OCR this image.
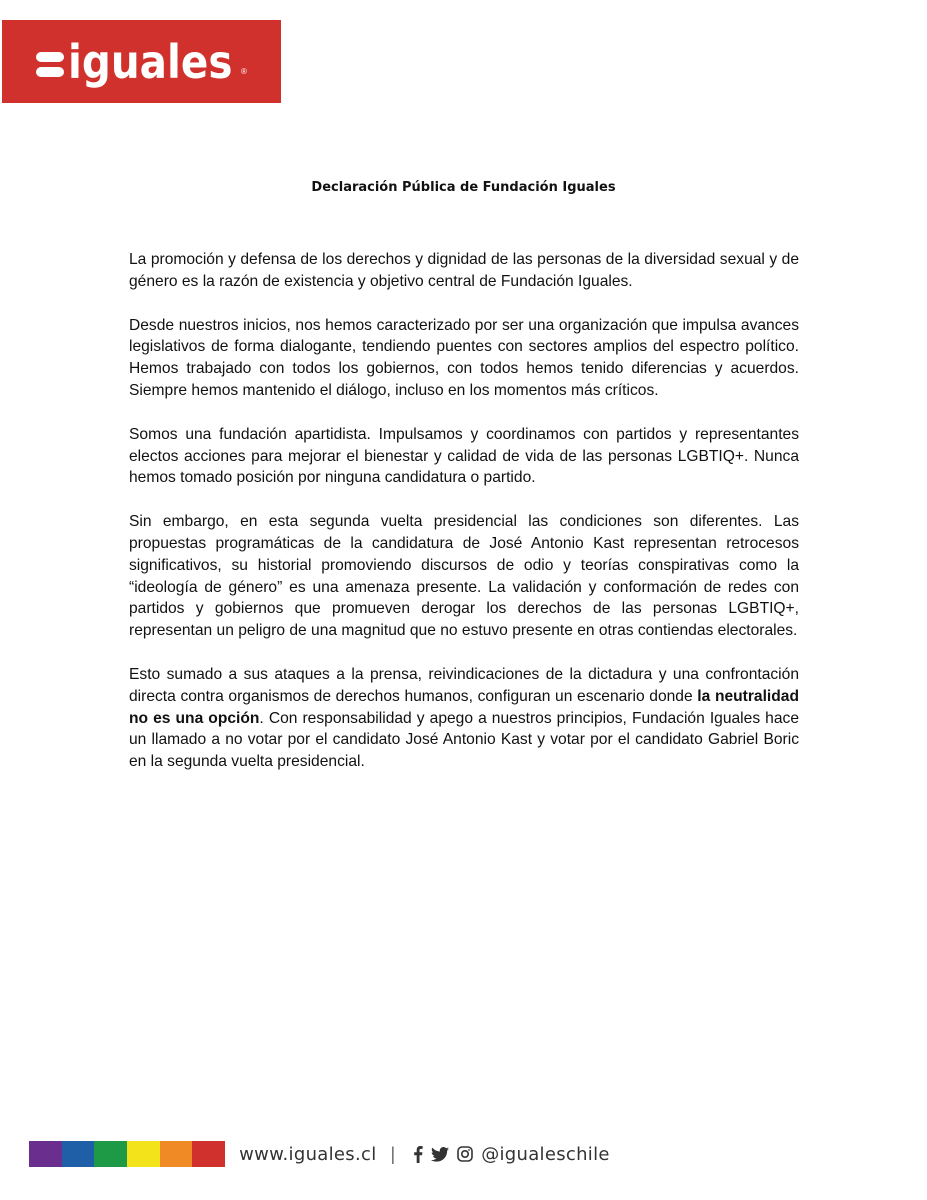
iguales ®
Declaración Pública de Fundación Iguales

La promoción y defensa de los derechos y dignidad de las personas de la diversidad sexual y de género es la razón de existencia y objetivo central de Fundación Iguales.

Desde nuestros inicios, nos hemos caracterizado por ser una organización que impulsa avances legislativos de forma dialogante, tendiendo puentes con sectores amplios del espectro político. Hemos trabajado con todos los gobiernos, con todos hemos tenido diferencias y acuerdos. Siempre hemos mantenido el diálogo, incluso en los momentos más críticos.

Somos una fundación apartidista. Impulsamos y coordinamos con partidos y representantes electos acciones para mejorar el bienestar y calidad de vida de las personas LGBTIQ+. Nunca hemos tomado posición por ninguna candidatura o partido.

Sin embargo, en esta segunda vuelta presidencial las condiciones son diferentes. Las propuestas programáticas de la candidatura de José Antonio Kast representan retrocesos significativos, su historial promoviendo discursos de odio y teorías conspirativas como la “ideología de género” es una amenaza presente. La validación y conformación de redes con partidos y gobiernos que promueven derogar los derechos de las personas LGBTIQ+, representan un peligro de una magnitud que no estuvo presente en otras contiendas electorales.

Esto sumado a sus ataques a la prensa, reivindicaciones de la dictadura y una confrontación directa contra organismos de derechos humanos, configuran un escenario donde la neutralidad no es una opción. Con responsabilidad y apego a nuestros principios, Fundación Iguales hace un llamado a no votar por el candidato José Antonio Kast y votar por el candidato Gabriel Boric en la segunda vuelta presidencial.

www.iguales.cl |	@igualeschile
